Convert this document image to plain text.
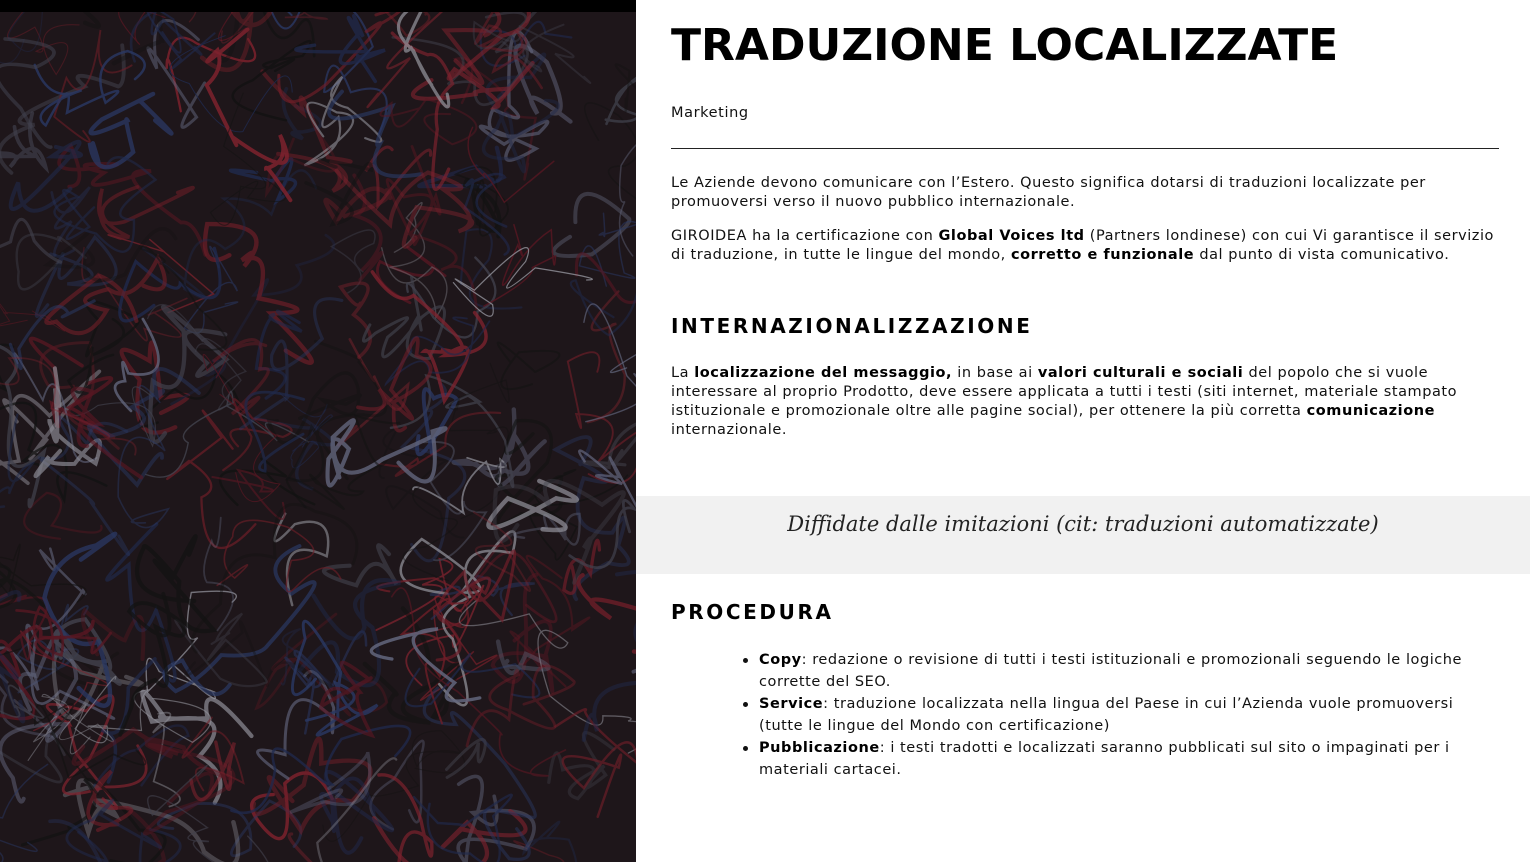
TRADUZIONE LOCALIZZATE
Marketing

Le Aziende devono comunicare con l’Estero. Questo significa dotarsi di traduzioni localizzate per promuoversi verso il nuovo pubblico internazionale.

GIROIDEA ha la certificazione con Global Voices ltd (Partners londinese) con cui Vi garantisce il servizio di traduzione, in tutte le lingue del mondo, corretto e funzionale dal punto di vista comunicativo.

INTERNAZIONALIZZAZIONE

La localizzazione del messaggio, in base ai valori culturali e sociali del popolo che si vuole interessare al proprio Prodotto, deve essere applicata a tutti i testi (siti internet, materiale stampato istituzionale e promozionale oltre alle pagine social), per ottenere la più corretta comunicazione internazionale.

PROCEDURA
Copy: redazione o revisione di tutti i testi istituzionali e promozionali seguendo le logiche corrette del SEO.
Service: traduzione localizzata nella lingua del Paese in cui l’Azienda vuole promuoversi (tutte le lingue del Mondo con certificazione)
Pubblicazione: i testi tradotti e localizzati saranno pubblicati sul sito o impaginati per i materiali cartacei.
Diffidate dalle imitazioni (cit: traduzioni automatizzate)
